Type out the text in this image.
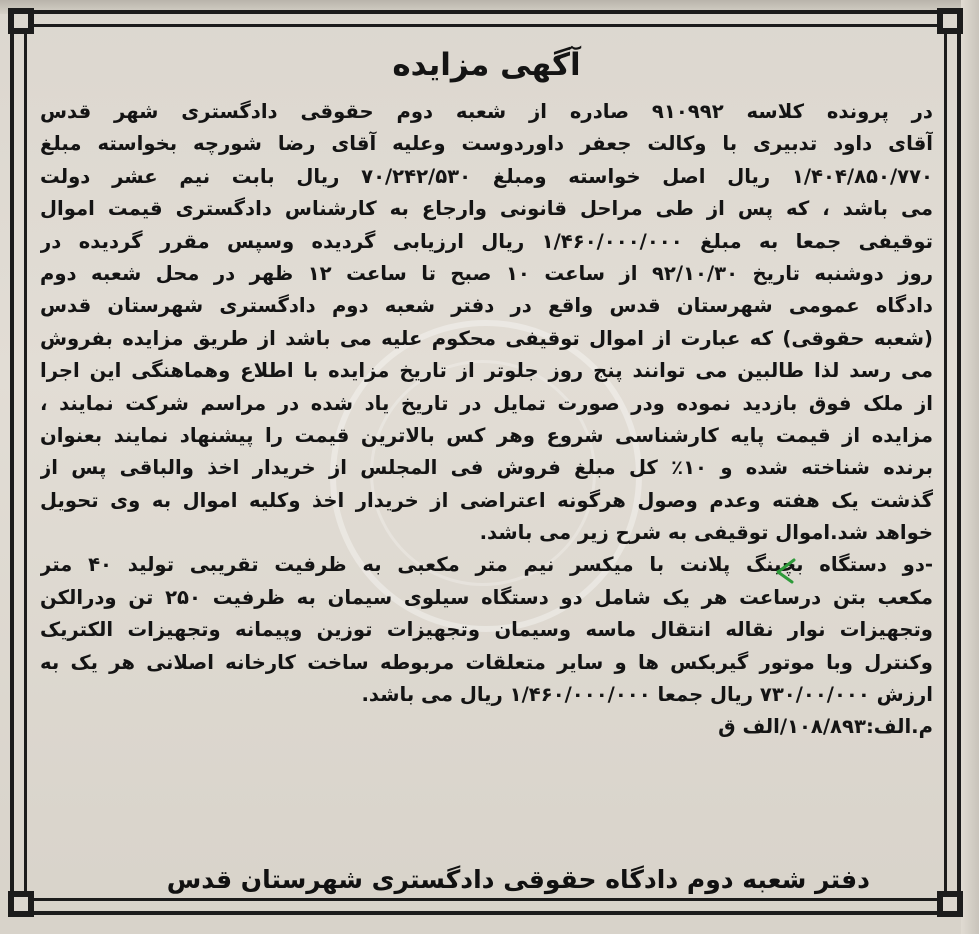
آگهی مزایده
در پرونده کلاسه ۹۱۰۹۹۲ صادره از شعبه دوم حقوقی دادگستری شهر قدس
آقای داود تدبیری با وکالت جعفر داوردوست وعلیه آقای رضا شورچه بخواسته مبلغ
۱/۴۰۴/۸۵۰/۷۷۰ ریال اصل خواسته ومبلغ ۷۰/۲۴۲/۵۳۰ ریال بابت نیم عشر دولت
می باشد ، که پس از طی مراحل قانونی وارجاع به کارشناس دادگستری قیمت اموال
توقیفی جمعا به مبلغ ۱/۴۶۰/۰۰۰/۰۰۰ ریال ارزیابی گردیده وسپس مقرر گردیده در
روز دوشنبه تاریخ ۹۲/۱۰/۳۰ از ساعت ۱۰ صبح تا ساعت ۱۲ ظهر در محل شعبه دوم
دادگاه عمومی شهرستان قدس واقع در دفتر شعبه دوم دادگستری شهرستان قدس
(شعبه حقوقی) که عبارت از اموال توقیفی محکوم علیه می باشد از طریق مزایده بفروش
می رسد لذا طالبین می توانند پنج روز جلوتر از تاریخ مزایده با اطلاع وهماهنگی این اجرا
از ملک فوق بازدید نموده ودر صورت تمایل در تاریخ یاد شده در مراسم شرکت نمایند ،
مزایده از قیمت پایه کارشناسی شروع وهر کس بالاترین قیمت را پیشنهاد نمایند بعنوان
برنده شناخته شده و ۱۰٪ کل مبلغ فروش فی المجلس از خریدار اخذ والباقی پس از
گذشت یک هفته وعدم وصول هرگونه اعتراضی از خریدار اخذ وکلیه اموال به وی تحویل
خواهد شد.اموال توقیفی به شرح زیر می باشد.
-دو دستگاه بچینگ پلانت با میکسر نیم متر مکعبی به ظرفیت تقریبی تولید ۴۰ متر
مکعب بتن درساعت هر یک شامل دو دستگاه سیلوی سیمان به ظرفیت ۲۵۰ تن ودرالکن
وتجهیزات نوار نقاله انتقال ماسه وسیمان وتجهیزات توزین وپیمانه وتجهیزات الکتریک
وکنترل وبا موتور گیربکس ها و سایر متعلقات مربوطه ساخت کارخانه اصلانی هر یک به
ارزش ۷۳۰/۰۰/۰۰۰ ریال جمعا ۱/۴۶۰/۰۰۰/۰۰۰ ریال می باشد.
م.الف:۱۰۸/۸۹۳/الف ق
دفتر شعبه دوم دادگاه حقوقی دادگستری شهرستان قدس
